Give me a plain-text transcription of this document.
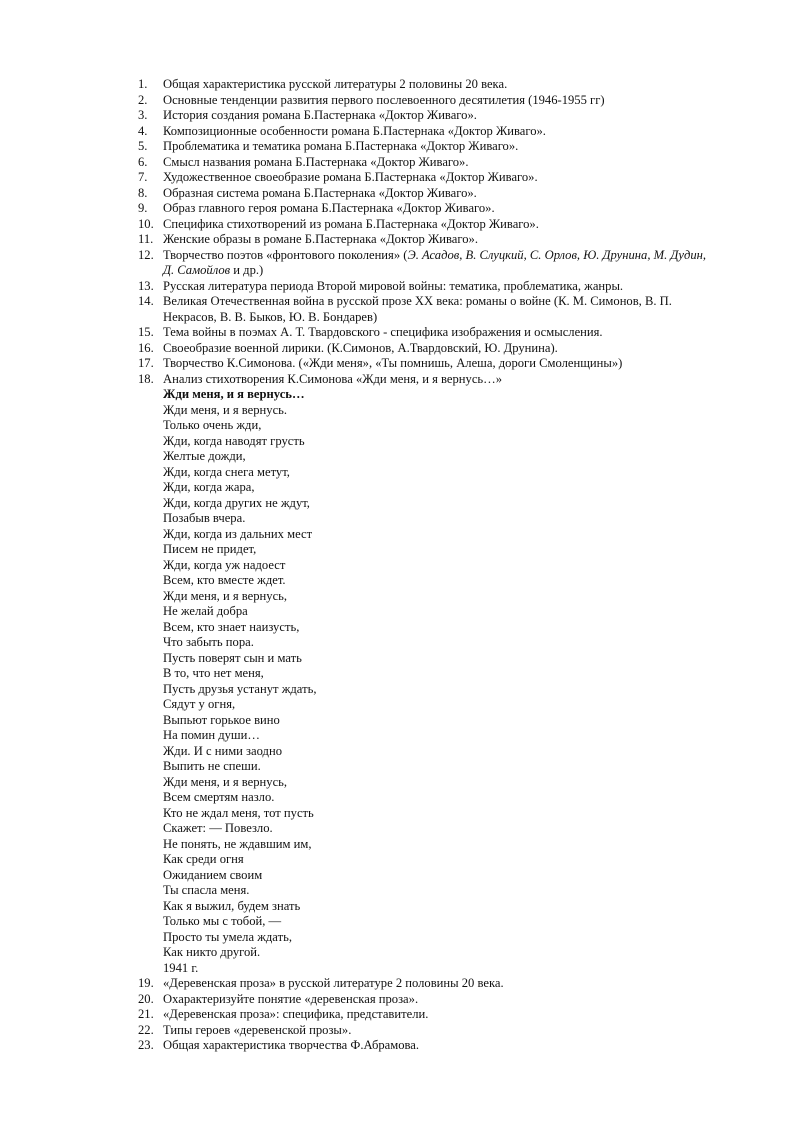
1. Общая характеристика русской литературы 2 половины 20 века.
2. Основные тенденции развития первого послевоенного десятилетия (1946-1955 гг)
3. История создания романа Б.Пастернака «Доктор Живаго».
4. Композиционные особенности романа Б.Пастернака «Доктор Живаго».
5. Проблематика и тематика романа Б.Пастернака «Доктор Живаго».
6. Смысл названия романа Б.Пастернака «Доктор Живаго».
7. Художественное своеобразие романа Б.Пастернака «Доктор Живаго».
8. Образная система романа Б.Пастернака «Доктор Живаго».
9. Образ главного героя романа Б.Пастернака «Доктор Живаго».
10. Специфика стихотворений из романа Б.Пастернака «Доктор Живаго».
11. Женские образы в романе Б.Пастернака «Доктор Живаго».
12. Творчество поэтов «фронтового поколения» (Э. Асадов, В. Слуцкий, С. Орлов, Ю. Друнина, М. Дудин, Д. Самойлов и др.)
13. Русская литература периода Второй мировой войны: тематика, проблематика, жанры.
14. Великая Отечественная война в русской прозе XX века: романы о войне (К. М. Симонов, В. П. Некрасов, В. В. Быков, Ю. В. Бондарев)
15. Тема войны в поэмах А. Т. Твардовского - специфика изображения и осмысления.
16. Своеобразие военной лирики. (К.Симонов, А.Твардовский, Ю. Друнина).
17. Творчество К.Симонова. («Жди меня», «Ты помнишь, Алеша, дороги Смоленщины»)
18. Анализ стихотворения К.Симонова «Жди меня, и я вернусь…»
Жди меня, и я вернусь…
Жди меня, и я вернусь.
Только очень жди,
Жди, когда наводят грусть
Желтые дожди,
Жди, когда снега метут,
Жди, когда жара,
Жди, когда других не ждут,
Позабыв вчера.
Жди, когда из дальних мест
Писем не придет,
Жди, когда уж надоест
Всем, кто вместе ждет.
Жди меня, и я вернусь,
Не желай добра
Всем, кто знает наизусть,
Что забыть пора.
Пусть поверят сын и мать
В то, что нет меня,
Пусть друзья устанут ждать,
Сядут у огня,
Выпьют горькое вино
На помин души…
Жди. И с ними заодно
Выпить не спеши.
Жди меня, и я вернусь,
Всем смертям назло.
Кто не ждал меня, тот пусть
Скажет: — Повезло.
Не понять, не ждавшим им,
Как среди огня
Ожиданием своим
Ты спасла меня.
Как я выжил, будем знать
Только мы с тобой, —
Просто ты умела ждать,
Как никто другой.
1941 г.
19. «Деревенская проза» в русской литературе 2 половины 20 века.
20. Охарактеризуйте понятие «деревенская проза».
21. «Деревенская проза»: специфика, представители.
22. Типы героев «деревенской прозы».
23. Общая характеристика творчества Ф.Абрамова.
